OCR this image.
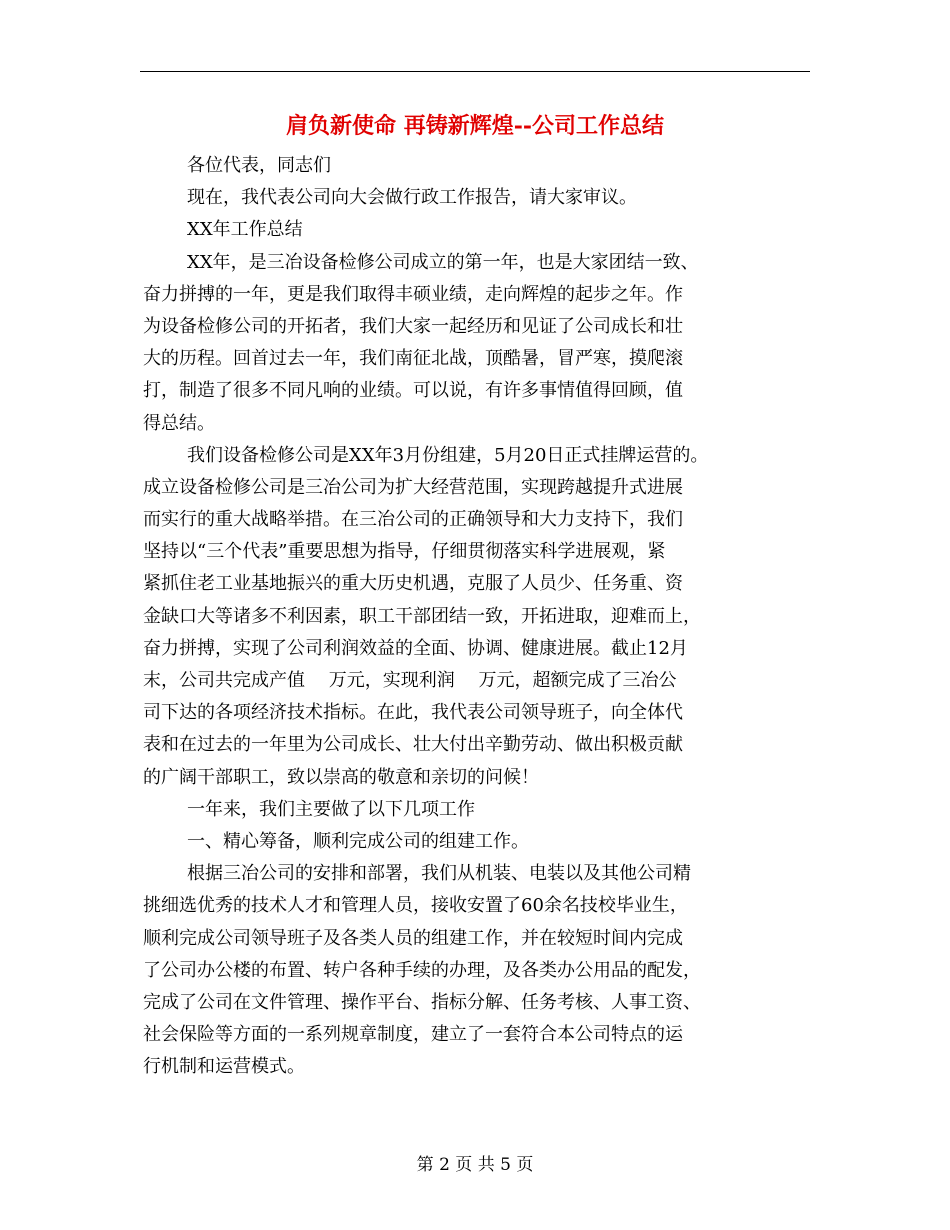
肩负新使命 再铸新辉煌--公司工作总结

各位代表，同志们

现在，我代表公司向大会做行政工作报告，请大家审议。

XX年工作总结

XX年，是三冶设备检修公司成立的第一年，也是大家团结一致、
奋力拼搏的一年，更是我们取得丰硕业绩，走向辉煌的起步之年。作
为设备检修公司的开拓者，我们大家一起经历和见证了公司成长和壮
大的历程。回首过去一年，我们南征北战，顶酷暑，冒严寒，摸爬滚
打，制造了很多不同凡响的业绩。可以说，有许多事情值得回顾，值
得总结。

我们设备检修公司是XX年3月份组建，5月20日正式挂牌运营的。
成立设备检修公司是三冶公司为扩大经营范围，实现跨越提升式进展
而实行的重大战略举措。在三冶公司的正确领导和大力支持下，我们
坚持以“三个代表”重要思想为指导，仔细贯彻落实科学进展观，紧
紧抓住老工业基地振兴的重大历史机遇，克服了人员少、任务重、资
金缺口大等诸多不利因素，职工干部团结一致，开拓进取，迎难而上，
奋力拼搏，实现了公司利润效益的全面、协调、健康进展。截止12月
末，公司共完成产值　 万元，实现利润　 万元，超额完成了三冶公
司下达的各项经济技术指标。在此，我代表公司领导班子，向全体代
表和在过去的一年里为公司成长、壮大付出辛勤劳动、做出积极贡献
的广阔干部职工，致以崇高的敬意和亲切的问候！

一年来，我们主要做了以下几项工作

一、精心筹备，顺利完成公司的组建工作。

根据三冶公司的安排和部署，我们从机装、电装以及其他公司精
挑细选优秀的技术人才和管理人员，接收安置了60余名技校毕业生，
顺利完成公司领导班子及各类人员的组建工作，并在较短时间内完成
了公司办公楼的布置、转户各种手续的办理，及各类办公用品的配发，
完成了公司在文件管理、操作平台、指标分解、任务考核、人事工资、
社会保险等方面的一系列规章制度，建立了一套符合本公司特点的运
行机制和运营模式。

第 2 页 共 5 页
